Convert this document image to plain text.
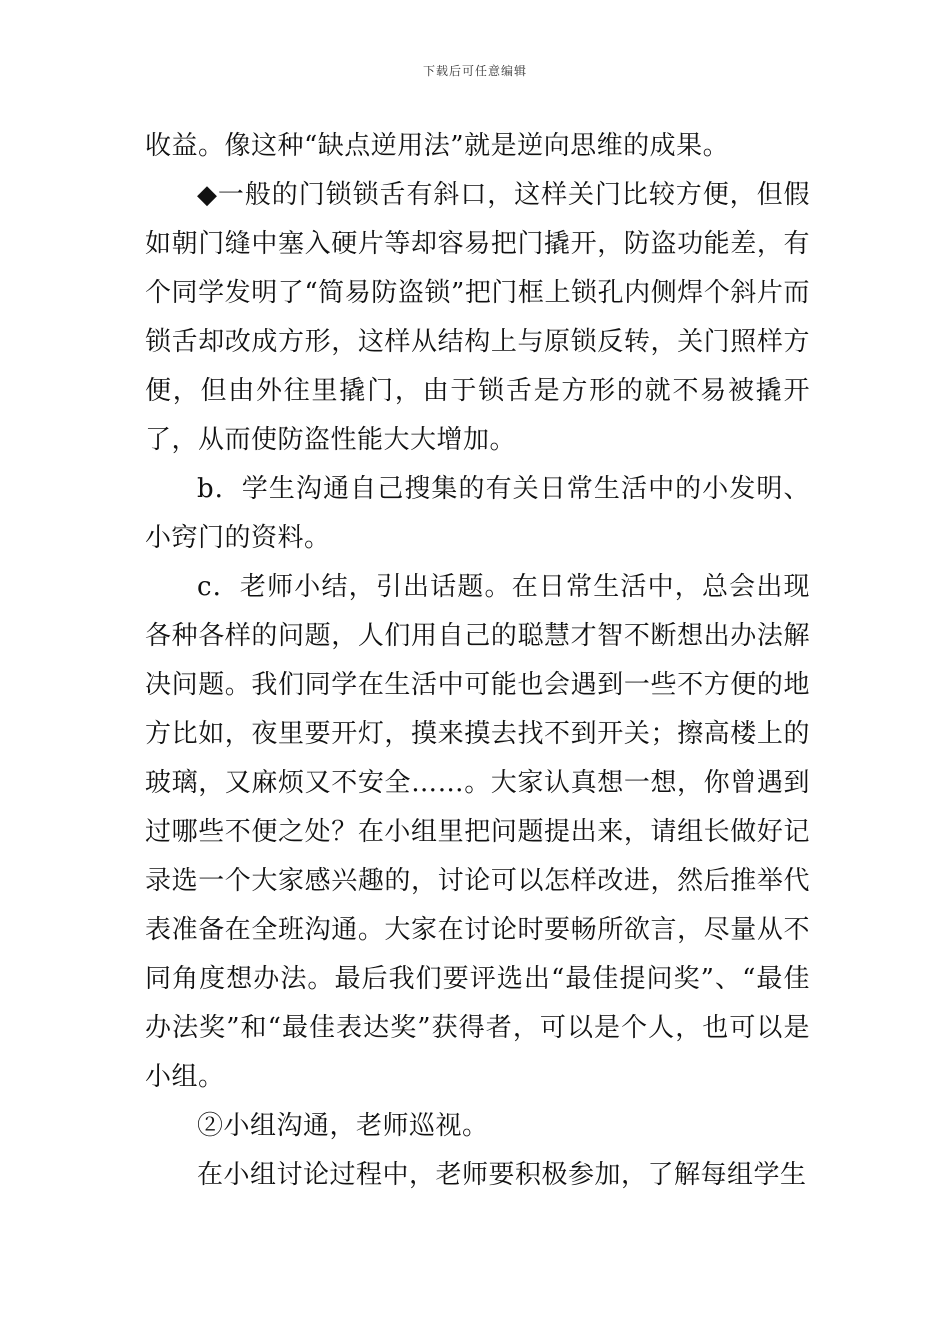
下载后可任意编辑

收益。像这种“缺点逆用法”就是逆向思维的成果。

◆一般的门锁锁舌有斜口，这样关门比较方便，但假如朝门缝中塞入硬片等却容易把门撬开，防盗功能差，有个同学发明了“简易防盗锁”把门框上锁孔内侧焊个斜片而锁舌却改成方形，这样从结构上与原锁反转，关门照样方便，但由外往里撬门，由于锁舌是方形的就不易被撬开了，从而使防盗性能大大增加。

b．学生沟通自己搜集的有关日常生活中的小发明、小窍门的资料。

c．老师小结，引出话题。在日常生活中，总会出现各种各样的问题，人们用自己的聪慧才智不断想出办法解决问题。我们同学在生活中可能也会遇到一些不方便的地方比如，夜里要开灯，摸来摸去找不到开关；擦高楼上的玻璃，又麻烦又不安全……。大家认真想一想，你曾遇到过哪些不便之处？在小组里把问题提出来，请组长做好记录选一个大家感兴趣的，讨论可以怎样改进，然后推举代表准备在全班沟通。大家在讨论时要畅所欲言，尽量从不同角度想办法。最后我们要评选出“最佳提问奖”、“最佳办法奖”和“最佳表达奖”获得者，可以是个人，也可以是小组。

②小组沟通，老师巡视。

在小组讨论过程中，老师要积极参加，了解每组学生
